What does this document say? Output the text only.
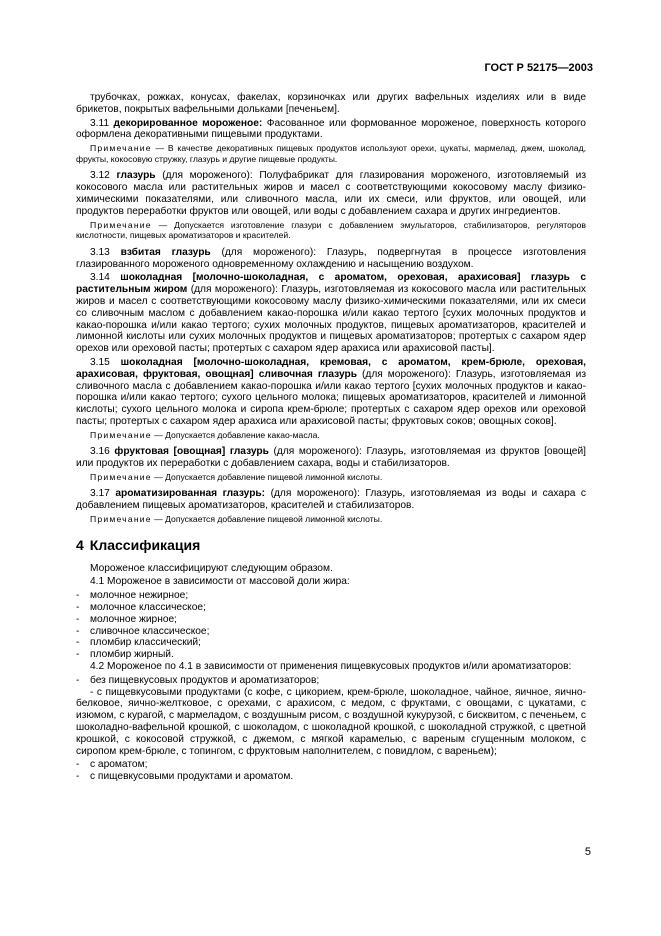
ГОСТ Р 52175—2003

трубочках, рожках, конусах, факелах, корзиночках или других вафельных изделиях или в виде брикетов, покрытых вафельными дольками [печеньем].

3.11 декорированное мороженое: Фасованное или формованное мороженое, поверхность которого оформлена декоративными пищевыми продуктами.

Примечание — В качестве декоративных пищевых продуктов используют орехи, цукаты, мармелад, джем, шоколад, фрукты, кокосовую стружку, глазурь и другие пищевые продукты.

3.12 глазурь (для мороженого): Полуфабрикат для глазирования мороженого, изготовляемый из кокосового масла или растительных жиров и масел с соответствующими кокосовому маслу физико-химическими показателями, или сливочного масла, или их смеси, или фруктов, или овощей, или продуктов переработки фруктов или овощей, или воды с добавлением сахара и других ингредиентов.

Примечание — Допускается изготовление глазури с добавлением эмульгаторов, стабилизаторов, регуляторов кислотности, пищевых ароматизаторов и красителей.

3.13 взбитая глазурь (для мороженого): Глазурь, подвергнутая в процессе изготовления глазированного мороженого одновременному охлаждению и насыщению воздухом.

3.14 шоколадная [молочно-шоколадная, с ароматом, ореховая, арахисовая] глазурь с растительным жиром (для мороженого): Глазурь, изготовляемая из кокосового масла или растительных жиров и масел с соответствующими кокосовому маслу физико-химическими показателями, или их смеси со сливочным маслом с добавлением какао-порошка и/или какао тертого [сухих молочных продуктов и какао-порошка и/или какао тертого; сухих молочных продуктов, пищевых ароматизаторов, красителей и лимонной кислоты или сухих молочных продуктов и пищевых ароматизаторов; протертых с сахаром ядер орехов или ореховой пасты; протертых с сахаром ядер арахиса или арахисовой пасты].

3.15 шоколадная [молочно-шоколадная, кремовая, с ароматом, крем-брюле, ореховая, арахисовая, фруктовая, овощная] сливочная глазурь (для мороженого): Глазурь, изготовляемая из сливочного масла с добавлением какао-порошка и/или какао тертого [сухих молочных продуктов и какао-порошка и/или какао тертого; сухого цельного молока; пищевых ароматизаторов, красителей и лимонной кислоты; сухого цельного молока и сиропа крем-брюле; протертых с сахаром ядер орехов или ореховой пасты; протертых с сахаром ядер арахиса или арахисовой пасты; фруктовых соков; овощных соков].

Примечание — Допускается добавление какао-масла.

3.16 фруктовая [овощная] глазурь (для мороженого): Глазурь, изготовляемая из фруктов [овощей] или продуктов их переработки с добавлением сахара, воды и стабилизаторов.

Примечание — Допускается добавление пищевой лимонной кислоты.

3.17 ароматизированная глазурь: (для мороженого): Глазурь, изготовляемая из воды и сахара с добавлением пищевых ароматизаторов, красителей и стабилизаторов.

Примечание — Допускается добавление пищевой лимонной кислоты.

4 Классификация

Мороженое классифицируют следующим образом.

4.1 Мороженое в зависимости от массовой доли жира:

- молочное нежирное;

- молочное классическое;

- молочное жирное;

- сливочное классическое;

- пломбир классический;

- пломбир жирный.

4.2 Мороженое по 4.1 в зависимости от применения пищевкусовых продуктов и/или ароматизаторов:

- без пищевкусовых продуктов и ароматизаторов;

- с пищевкусовыми продуктами (с кофе, с цикорием, крем-брюле, шоколадное, чайное, яичное, яично-белковое, яично-желтковое, с орехами, с арахисом, с медом, с фруктами, с овощами, с цукатами, с изюмом, с курагой, с мармеладом, с воздушным рисом, с воздушной кукурузой, с бисквитом, с печеньем, с шоколадно-вафельной крошкой, с шоколадом, с шоколадной крошкой, с шоколадной стружкой, с цветной крошкой, с кокосовой стружкой, с джемом, с мягкой карамелью, с вареным сгущенным молоком, с сиропом крем-брюле, с топингом, с фруктовым наполнителем, с повидлом, с вареньем);

- с ароматом;

- с пищевкусовыми продуктами и ароматом.

5
